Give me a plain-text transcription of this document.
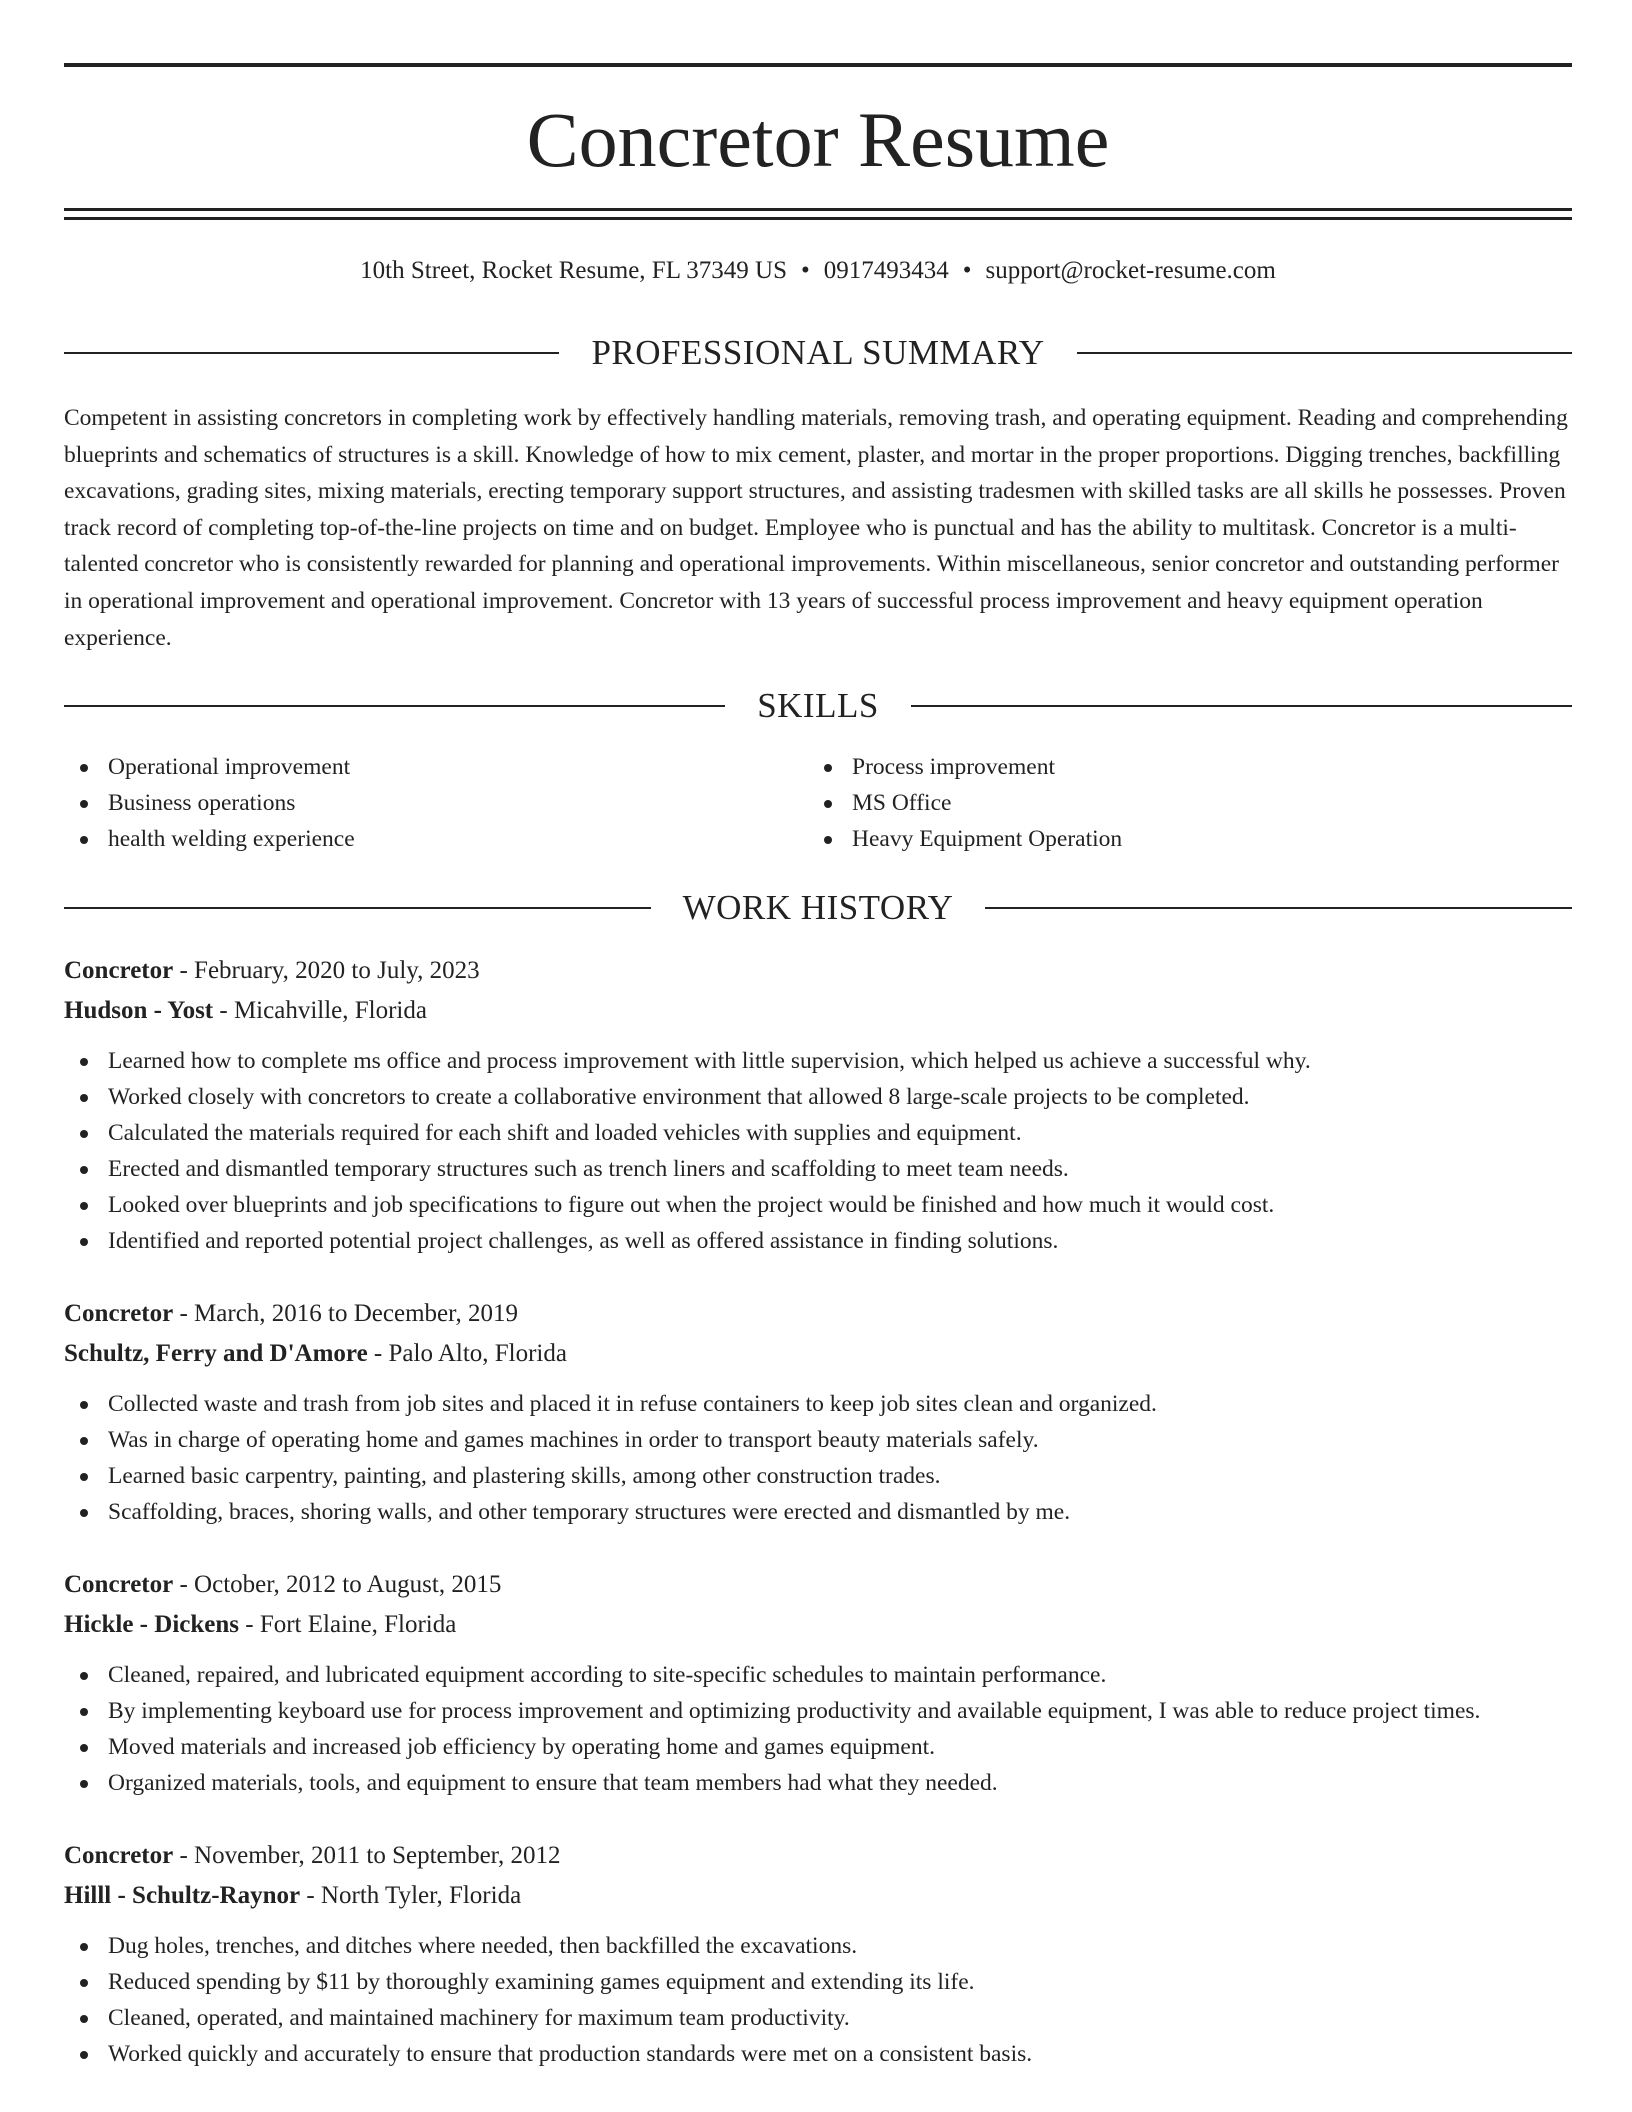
Concretor Resume
10th Street, Rocket Resume, FL 37349 US • 0917493434 • support@rocket-resume.com
PROFESSIONAL SUMMARY

Competent in assisting concretors in completing work by effectively handling materials, removing trash, and operating equipment. Reading and comprehending blueprints and schematics of structures is a skill. Knowledge of how to mix cement, plaster, and mortar in the proper proportions. Digging trenches, backfilling excavations, grading sites, mixing materials, erecting temporary support structures, and assisting tradesmen with skilled tasks are all skills he possesses. Proven track record of completing top-of-the-line projects on time and on budget. Employee who is punctual and has the ability to multitask. Concretor is a multi-talented concretor who is consistently rewarded for planning and operational improvements. Within miscellaneous, senior concretor and outstanding performer in operational improvement and operational improvement. Concretor with 13 years of successful process improvement and heavy equipment operation experience.

SKILLS
Operational improvement
Business operations
health welding experience
Process improvement
MS Office
Heavy Equipment Operation
WORK HISTORY
Concretor - February, 2020 to July, 2023
Hudson - Yost - Micahville, Florida
Learned how to complete ms office and process improvement with little supervision, which helped us achieve a successful why.
Worked closely with concretors to create a collaborative environment that allowed 8 large-scale projects to be completed.
Calculated the materials required for each shift and loaded vehicles with supplies and equipment.
Erected and dismantled temporary structures such as trench liners and scaffolding to meet team needs.
Looked over blueprints and job specifications to figure out when the project would be finished and how much it would cost.
Identified and reported potential project challenges, as well as offered assistance in finding solutions.
Concretor - March, 2016 to December, 2019
Schultz, Ferry and D'Amore - Palo Alto, Florida
Collected waste and trash from job sites and placed it in refuse containers to keep job sites clean and organized.
Was in charge of operating home and games machines in order to transport beauty materials safely.
Learned basic carpentry, painting, and plastering skills, among other construction trades.
Scaffolding, braces, shoring walls, and other temporary structures were erected and dismantled by me.
Concretor - October, 2012 to August, 2015
Hickle - Dickens - Fort Elaine, Florida
Cleaned, repaired, and lubricated equipment according to site-specific schedules to maintain performance.
By implementing keyboard use for process improvement and optimizing productivity and available equipment, I was able to reduce project times.
Moved materials and increased job efficiency by operating home and games equipment.
Organized materials, tools, and equipment to ensure that team members had what they needed.
Concretor - November, 2011 to September, 2012
Hilll - Schultz-Raynor - North Tyler, Florida
Dug holes, trenches, and ditches where needed, then backfilled the excavations.
Reduced spending by $11 by thoroughly examining games equipment and extending its life.
Cleaned, operated, and maintained machinery for maximum team productivity.
Worked quickly and accurately to ensure that production standards were met on a consistent basis.
